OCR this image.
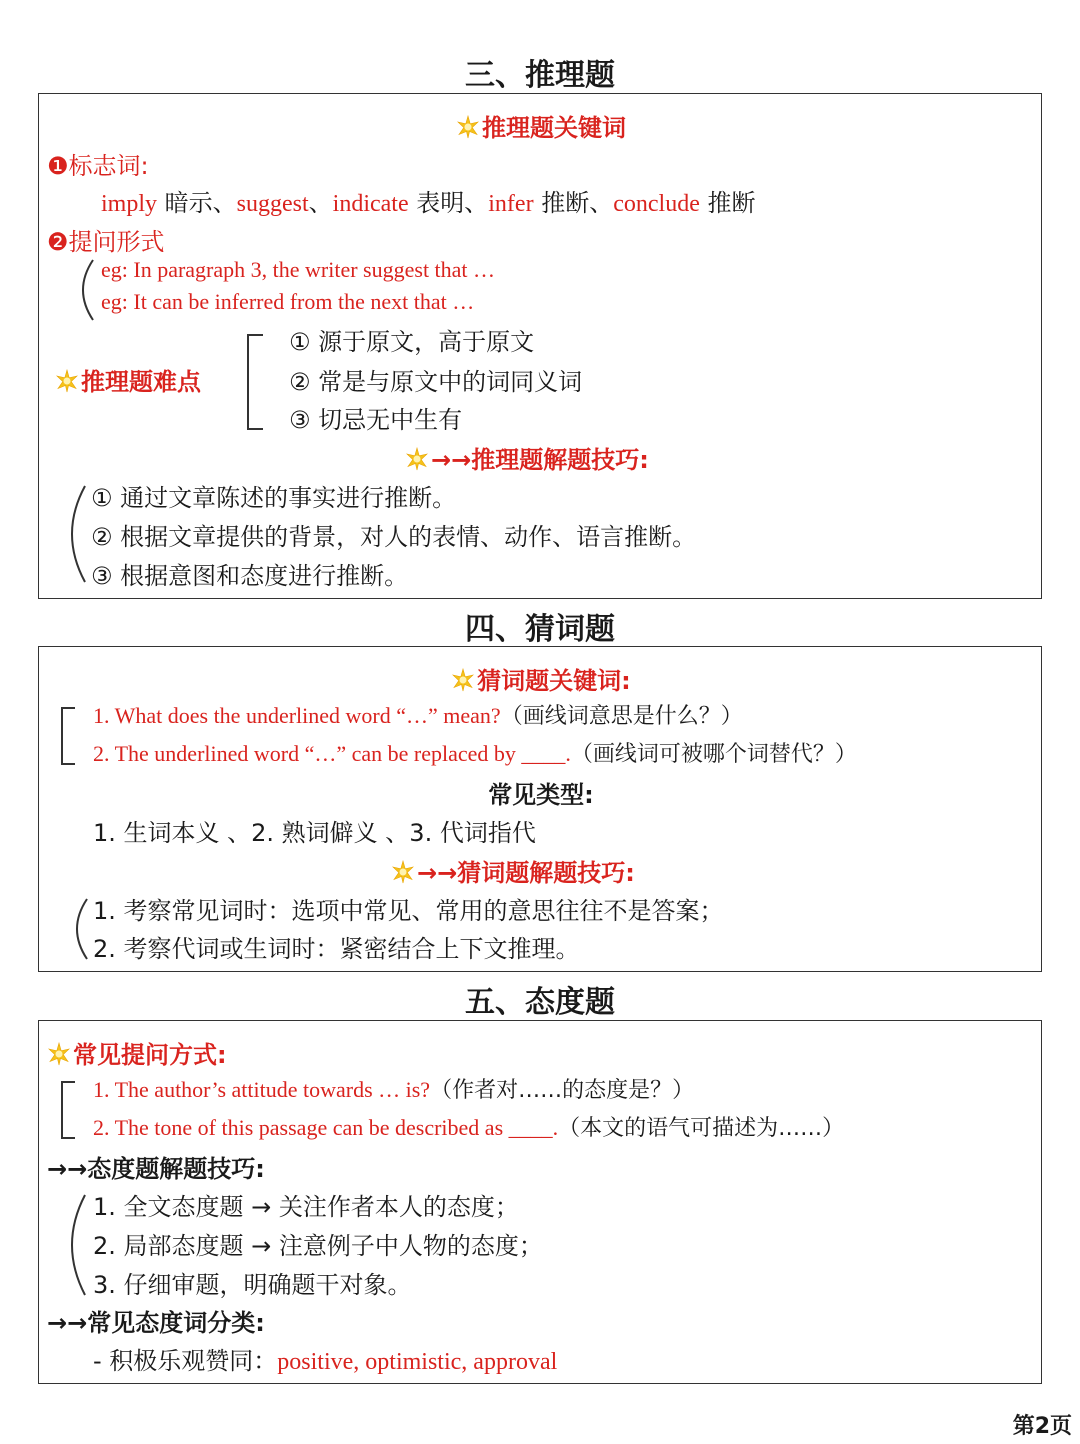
三、推理题
推理题关键词
❶标志词:
imply 暗示、suggest、indicate 表明、infer 推断、conclude 推断
❷提问形式
eg: In paragraph 3, the writer suggest that …
eg: It can be inferred from the next that …
推理题难点
① 源于原文，高于原文
② 常是与原文中的词同义词
③ 切忌无中生有
→→推理题解题技巧:
① 通过文章陈述的事实进行推断。
② 根据文章提供的背景，对人的表情、动作、语言推断。
③ 根据意图和态度进行推断。
四、猜词题
猜词题关键词:
1. What does the underlined word “…” mean?（画线词意思是什么？）
2. The underlined word “…” can be replaced by ____.（画线词可被哪个词替代？）
常见类型:
1. 生词本义 、2. 熟词僻义 、3. 代词指代
→→猜词题解题技巧:
1. 考察常见词时：选项中常见、常用的意思往往不是答案；
2. 考察代词或生词时：紧密结合上下文推理。
五、态度题
常见提问方式:
1. The author’s attitude towards … is?（作者对……的态度是？）
2. The tone of this passage can be described as ____.（本文的语气可描述为……）
→→态度题解题技巧:
1. 全文态度题 → 关注作者本人的态度；
2. 局部态度题 → 注意例子中人物的态度；
3. 仔细审题，明确题干对象。
→→常见态度词分类:
- 积极乐观赞同：positive, optimistic, approval
第2页
